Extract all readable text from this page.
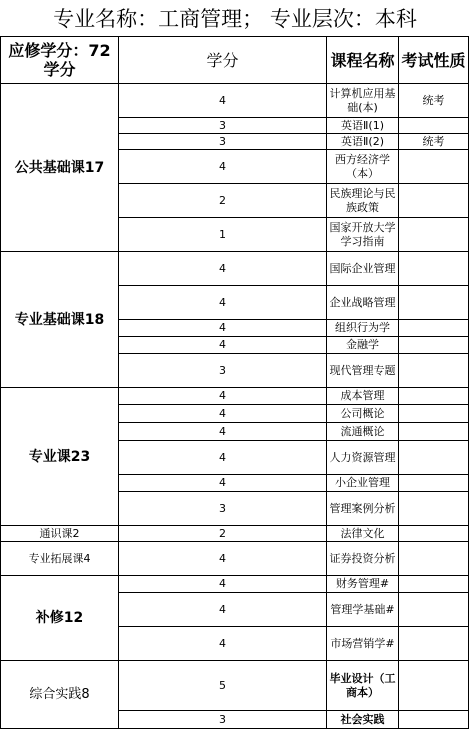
专业名称：工商管理； 专业层次：本科
应修学分：72学分	学分	课程名称	考试性质
公共基础课17	4	计算机应用基础(本)	统考
	3	英语Ⅱ(1)	
	3	英语Ⅱ(2)	统考
	4	西方经济学（本）	
	2	民族理论与民族政策	
	1	国家开放大学学习指南	
专业基础课18	4	国际企业管理	
	4	企业战略管理	
	4	组织行为学	
	4	金融学	
	3	现代管理专题	
专业课23	4	成本管理	
	4	公司概论	
	4	流通概论	
	4	人力资源管理	
	4	小企业管理	
	3	管理案例分析	
通识课2	2	法律文化	
专业拓展课4	4	证券投资分析	
补修12	4	财务管理#	
	4	管理学基础#	
	4	市场营销学#	
综合实践8	5	毕业设计（工商本）	
	3	社会实践	
